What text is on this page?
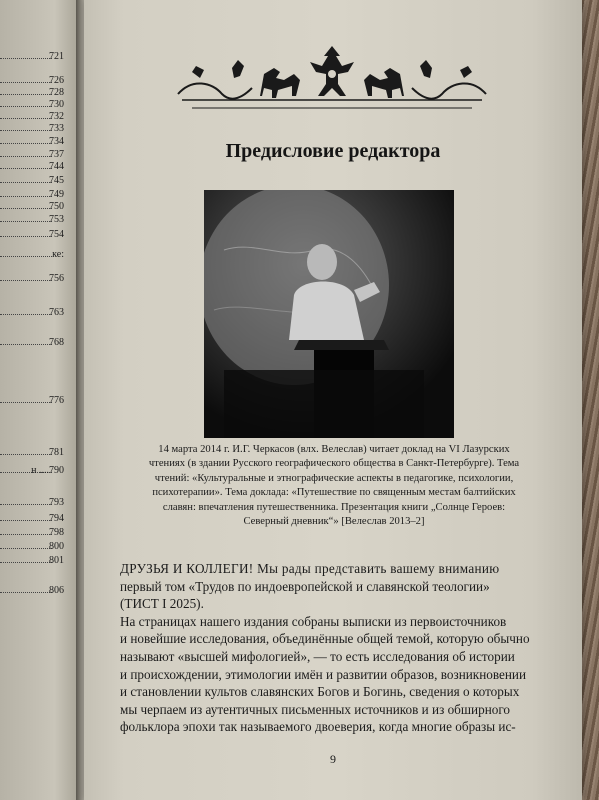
721
726
728
730
732
733
734
737
744
745
749
750
753
754
ке:
756
763
768
776
781
н ....790
793
794
798
800
801
806
Предисловие редактора
14 марта 2014 г. И.Г. Черкасов (влх. Велеслав) читает доклад на VI Лазурских
чтениях (в здании Русского географического общества в Санкт-Петербурге). Тема
чтений: «Культуральные и этнографические аспекты в педагогике, психологии,
психотерапии». Тема доклада: «Путешествие по священным местам балтийских
славян: впечатления путешественника. Презентация книги „Солнце Героев:
Северный дневник“» [Велеслав 2013–2]

ДРУЗЬЯ И КОЛЛЕГИ! Мы рады представить вашему вниманию

первый том «Трудов по индоевропейской и славянской теологии»

(ТИСТ I 2025).

На страницах нашего издания собраны выписки из первоисточников

и новейшие исследования, объединённые общей темой, которую обычно

называют «высшей мифологией», — то есть исследования об истории

и происхождении, этимологии имён и развитии образов, возникновении

и становлении культов славянских Богов и Богинь, сведения о которых

мы черпаем из аутентичных письменных источников и из обширного

фольклора эпохи так называемого двоеверия, когда многие образы ис-

9
